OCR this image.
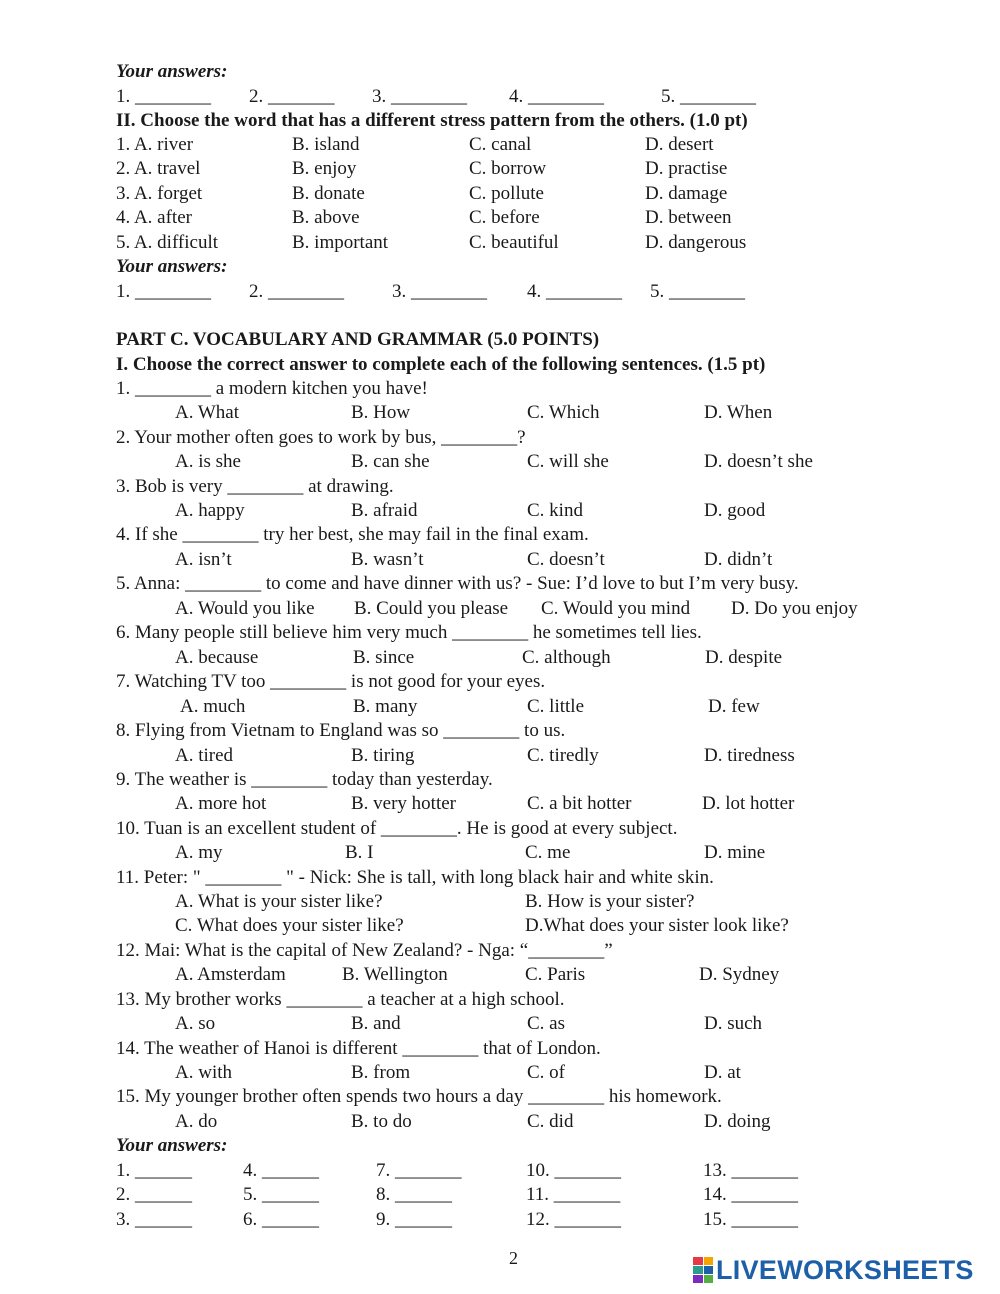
Your answers:
1. ________ 2. _______ 3. ________ 4. ________	5. ________
II. Choose the word that has a different stress pattern from the others. (1.0 pt)
1. A. river	B. island	C. canal	D. desert
2. A. travel	B. enjoy	C. borrow	D. practise
3. A. forget	B. donate	C. pollute	D. damage
4. A. after	B. above	C. before	D. between
5. A. difficult	B. important	C. beautiful	D. dangerous
Your answers:
1. ________ 2. ________	3. ________ 4. ________ 5. ________
PART C. VOCABULARY AND GRAMMAR (5.0 POINTS)
I. Choose the correct answer to complete each of the following sentences. (1.5 pt)
1. ________ a modern kitchen you have!
A. What	B. How	C. Which	D. When
2. Your mother often goes to work by bus, ________?
A. is she	B. can she	C. will she	D. doesn’t she
3. Bob is very ________ at drawing.
A. happy	B. afraid	C. kind	D. good
4. If she ________ try her best, she may fail in the final exam.
A. isn’t	B. wasn’t	C. doesn’t	D. didn’t
5. Anna: ________ to come and have dinner with us? - Sue: I’d love to but I’m very busy.
A. Would you like B. Could you please C. Would you mind D. Do you enjoy
6. Many people still believe him very much ________ he sometimes tell lies.
A. because	B. since	C. although	D. despite
7. Watching TV too ________ is not good for your eyes.
A. much	B. many	C. little	D. few
8. Flying from Vietnam to England was so ________ to us.
A. tired	B. tiring	C. tiredly	D. tiredness
9. The weather is ________ today than yesterday.
A. more hot	B. very hotter	C. a bit hotter	D. lot hotter
10. Tuan is an excellent student of ________. He is good at every subject.
A. my	B. I	C. me	D. mine
11. Peter: " ________ " - Nick: She is tall, with long black hair and white skin.
A. What is your sister like?	B. How is your sister?
C. What does your sister like?	D.What does your sister look like?
12. Mai: What is the capital of New Zealand? - Nga: “________”
A. Amsterdam	B. Wellington	C. Paris	D. Sydney
13. My brother works ________ a teacher at a high school.
A. so	B. and	C. as	D. such
14. The weather of Hanoi is different ________ that of London.
A. with	B. from	C. of	D. at
15. My younger brother often spends two hours a day ________ his homework.
A. do	B. to do	C. did	D. doing
Your answers:
1. ______	4. ______	7. _______	10. _______	13. _______
2. ______	5. ______	8. ______	11. _______	14. _______
3. ______	6. ______	9. ______	12. _______	15. _______
2	LIVEWORKSHEETS
